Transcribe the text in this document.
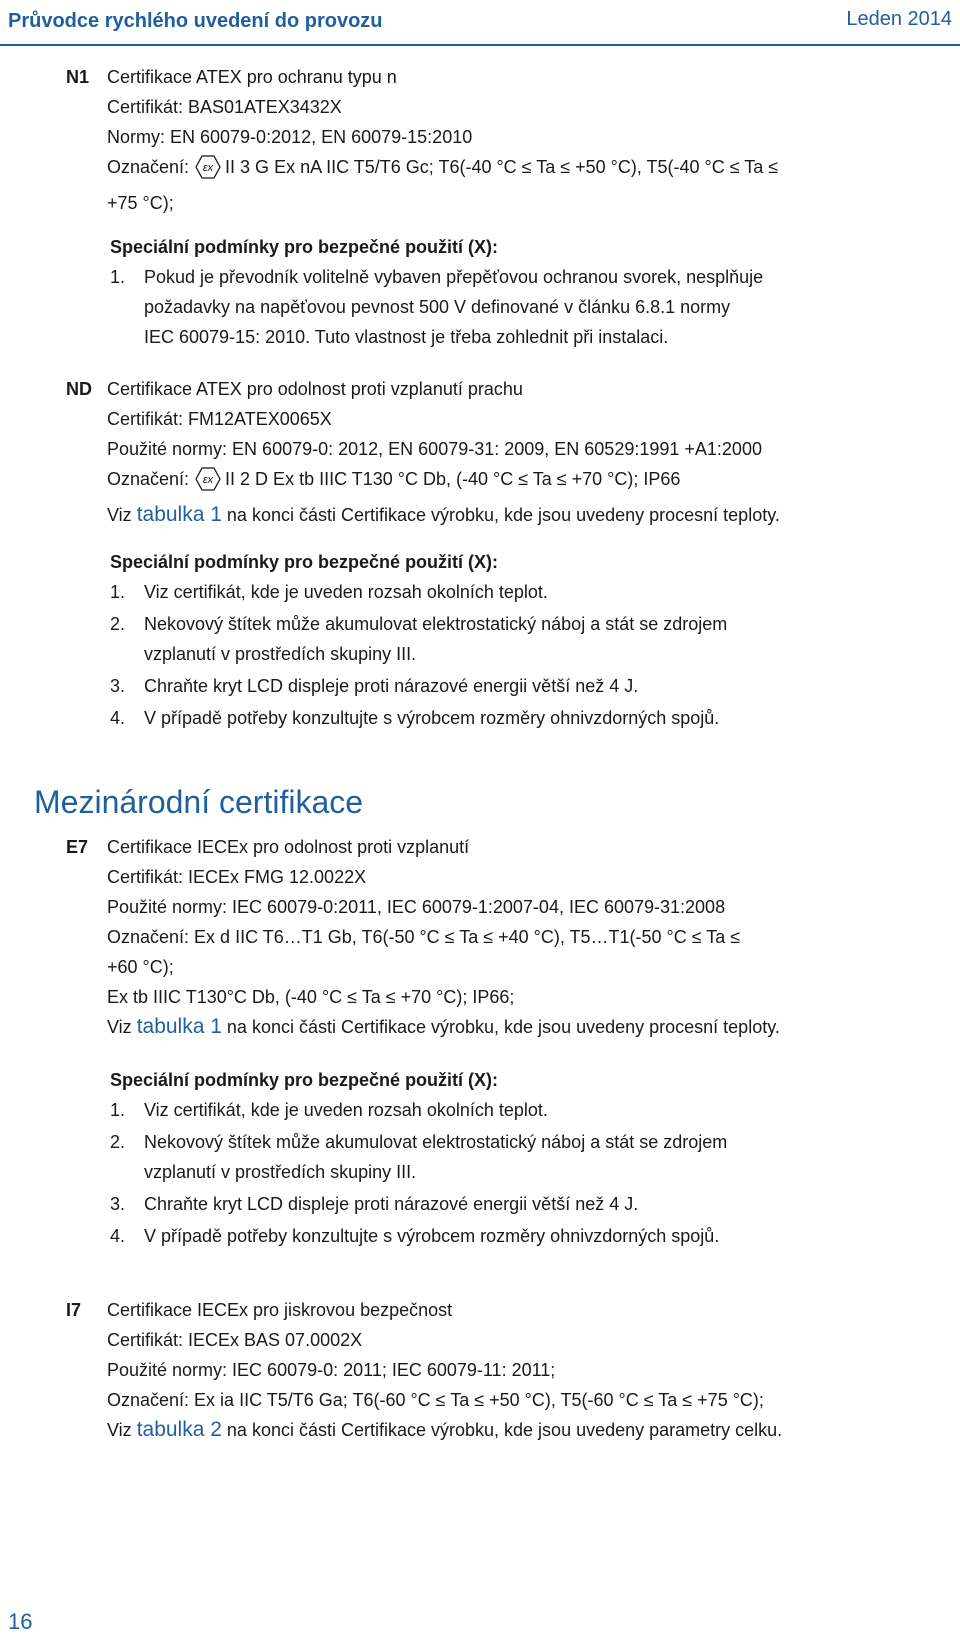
Průvodce rychlého uvedení do provozu	Leden 2014
N1 Certifikace ATEX pro ochranu typu n
Certifikát: BAS01ATEX3432X
Normy: EN 60079-0:2012, EN 60079-15:2010
Označení: εx II 3 G Ex nA IIC T5/T6 Gc; T6(-40 °C ≤ Ta ≤ +50 °C), T5(-40 °C ≤ Ta ≤
+75 °C);
Speciální podmínky pro bezpečné použití (X):
1. Pokud je převodník volitelně vybaven přepěťovou ochranou svorek, nesplňuje
požadavky na napěťovou pevnost 500 V definované v článku 6.8.1 normy
IEC 60079-15: 2010. Tuto vlastnost je třeba zohlednit při instalaci.
ND Certifikace ATEX pro odolnost proti vzplanutí prachu
Certifikát: FM12ATEX0065X
Použité normy: EN 60079-0: 2012, EN 60079-31: 2009, EN 60529:1991 +A1:2000
Označení: εx II 2 D Ex tb IIIC T130 °C Db, (-40 °C ≤ Ta ≤ +70 °C); IP66
Viz tabulka 1 na konci části Certifikace výrobku, kde jsou uvedeny procesní teploty.
Speciální podmínky pro bezpečné použití (X):
1. Viz certifikát, kde je uveden rozsah okolních teplot.
2. Nekovový štítek může akumulovat elektrostatický náboj a stát se zdrojem
vzplanutí v prostředích skupiny III.
3. Chraňte kryt LCD displeje proti nárazové energii větší než 4 J.
4. V případě potřeby konzultujte s výrobcem rozměry ohnivzdorných spojů.
Mezinárodní certifikace
E7 Certifikace IECEx pro odolnost proti vzplanutí
Certifikát: IECEx FMG 12.0022X
Použité normy: IEC 60079-0:2011, IEC 60079-1:2007-04, IEC 60079-31:2008
Označení: Ex d IIC T6…T1 Gb, T6(-50 °C ≤ Ta ≤ +40 °C), T5…T1(-50 °C ≤ Ta ≤
+60 °C);
Ex tb IIIC T130°C Db, (-40 °C ≤ Ta ≤ +70 °C); IP66;
Viz tabulka 1 na konci části Certifikace výrobku, kde jsou uvedeny procesní teploty.
Speciální podmínky pro bezpečné použití (X):
1. Viz certifikát, kde je uveden rozsah okolních teplot.
2. Nekovový štítek může akumulovat elektrostatický náboj a stát se zdrojem
vzplanutí v prostředích skupiny III.
3. Chraňte kryt LCD displeje proti nárazové energii větší než 4 J.
4. V případě potřeby konzultujte s výrobcem rozměry ohnivzdorných spojů.
I7 Certifikace IECEx pro jiskrovou bezpečnost
Certifikát: IECEx BAS 07.0002X
Použité normy: IEC 60079-0: 2011; IEC 60079-11: 2011;
Označení: Ex ia IIC T5/T6 Ga; T6(-60 °C ≤ Ta ≤ +50 °C), T5(-60 °C ≤ Ta ≤ +75 °C);
Viz tabulka 2 na konci části Certifikace výrobku, kde jsou uvedeny parametry celku.
16
